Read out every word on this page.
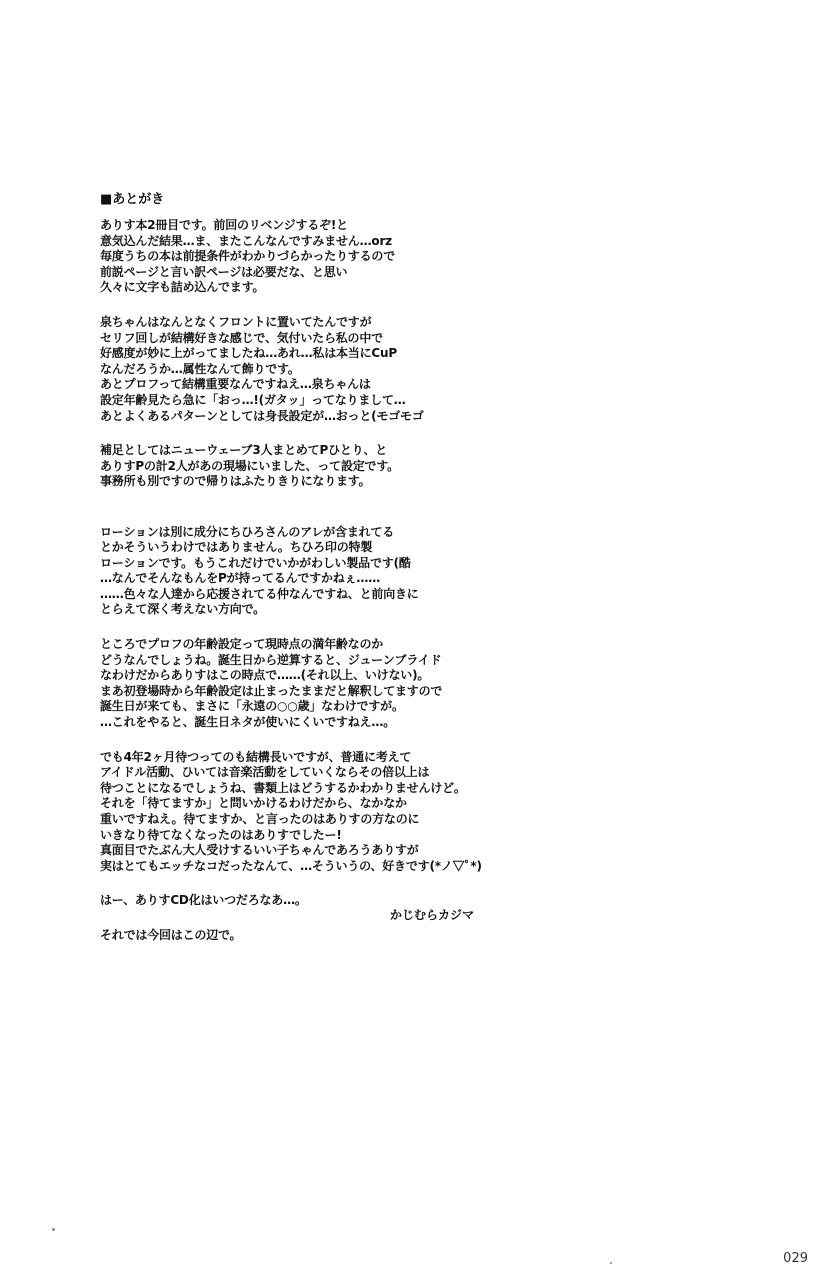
■あとがき
ありす本2冊目です。前回のリベンジするぞ!と
意気込んだ結果…ま、またこんなんですみません…orz
毎度うちの本は前提条件がわかりづらかったりするので
前説ページと言い訳ページは必要だな、と思い
久々に文字も詰め込んでます。
泉ちゃんはなんとなくフロントに置いてたんですが
セリフ回しが結構好きな感じで、気付いたら私の中で
好感度が妙に上がってましたね…あれ…私は本当にCuP
なんだろうか…属性なんて飾りです。
あとプロフって結構重要なんですねえ…泉ちゃんは
設定年齢見たら急に「おっ…!(ガタッ」ってなりまして…
あとよくあるパターンとしては身長設定が…おっと(モゴモゴ
補足としてはニューウェーブ3人まとめてPひとり、と
ありすPの計2人があの現場にいました、って設定です。
事務所も別ですので帰りはふたりきりになります。
ローションは別に成分にちひろさんのアレが含まれてる
とかそういうわけではありません。ちひろ印の特製
ローションです。もうこれだけでいかがわしい製品です(酷
…なんでそんなもんをPが持ってるんですかねぇ……
……色々な人達から応援されてる仲なんですね、と前向きに
とらえて深く考えない方向で。
ところでプロフの年齢設定って現時点の満年齢なのか
どうなんでしょうね。誕生日から逆算すると、ジューンブライド
なわけだからありすはこの時点で……(それ以上、いけない)。
まあ初登場時から年齢設定は止まったままだと解釈してますので
誕生日が来ても、まさに「永遠の○○歳」なわけですが。
…これをやると、誕生日ネタが使いにくいですねえ…。
でも4年2ヶ月待つってのも結構長いですが、普通に考えて
アイドル活動、ひいては音楽活動をしていくならその倍以上は
待つことになるでしょうね、書類上はどうするかわかりませんけど。
それを「待てますか」と問いかけるわけだから、なかなか
重いですねえ。待てますか、と言ったのはありすの方なのに
いきなり待てなくなったのはありすでしたー!
真面目でたぶん大人受けするいい子ちゃんであろうありすが
実はとてもエッチなコだったなんて、…そういうの、好きです(*ノ▽ﾟ*)
はー、ありすCD化はいつだろなあ…。
それでは今回はこの辺で。
かじむらカジマ
029
